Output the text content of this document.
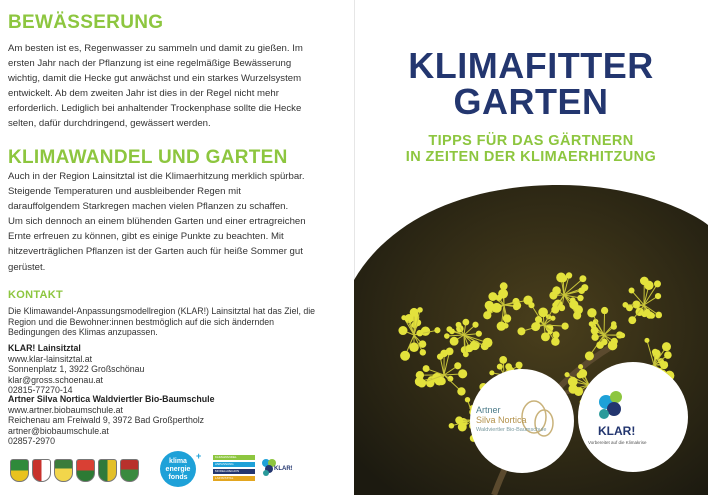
BEWÄSSERUNG

Am besten ist es, Regenwasser zu sammeln und damit zu gießen. Im ersten Jahr nach der Pflanzung ist eine regelmäßige Bewässerung wichtig, damit die Hecke gut anwächst und ein starkes Wurzelsystem entwickelt. Ab dem zweiten Jahr ist dies in der Regel nicht mehr erforderlich. Lediglich bei anhaltender Trockenphase sollte die Hecke selten, dafür durchdringend, gewässert werden.

KLIMAWANDEL UND GARTEN
Auch in der Region Lainsitztal ist die Klimaerhitzung merklich spürbar. Steigende Temperaturen und ausbleibender Regen mit darauffolgendem Starkregen machen vielen Pflanzen zu schaffen.
Um sich dennoch an einem blühenden Garten und einer ertragreichen Ernte erfreuen zu können, gibt es einige Punkte zu beachten. Mit hitzeverträglichen Pflanzen ist der Garten auch für heiße Sommer gut gerüstet.
KONTAKT

Die Klimawandel-Anpassungsmodellregion (KLAR!) Lainsitztal hat das Ziel, die Region und die Bewohner:innen bestmöglich auf die sich ändernden Bedingungen des Klimas anzupassen.

KLAR! Lainsitztal
www.klar-lainsitztal.at
Sonnenplatz 1, 3922 Großschönau
klar@gross.schoenau.at
02815-77270-14
Artner Silva Nortica Waldviertler Bio-Baumschule
www.artner.biobaumschule.at
Reichenau am Freiwald 9, 3972 Bad Großpertholz
artner@biobaumschule.at
02857-2970
klima energie fonds
+	KLIMAWANDEL
ANPASSUNG
MODELLREGION
LAINSITZTAL
KLAR!
KLIMAFITTER
GARTEN
TIPPS FÜR DAS GÄRTNERN
IN ZEITEN DER KLIMAERHITZUNG
Artner
Silva Nortica
Waldviertler Bio-Baumschule	KLAR!
Vorbereitet auf die Klimakrise
